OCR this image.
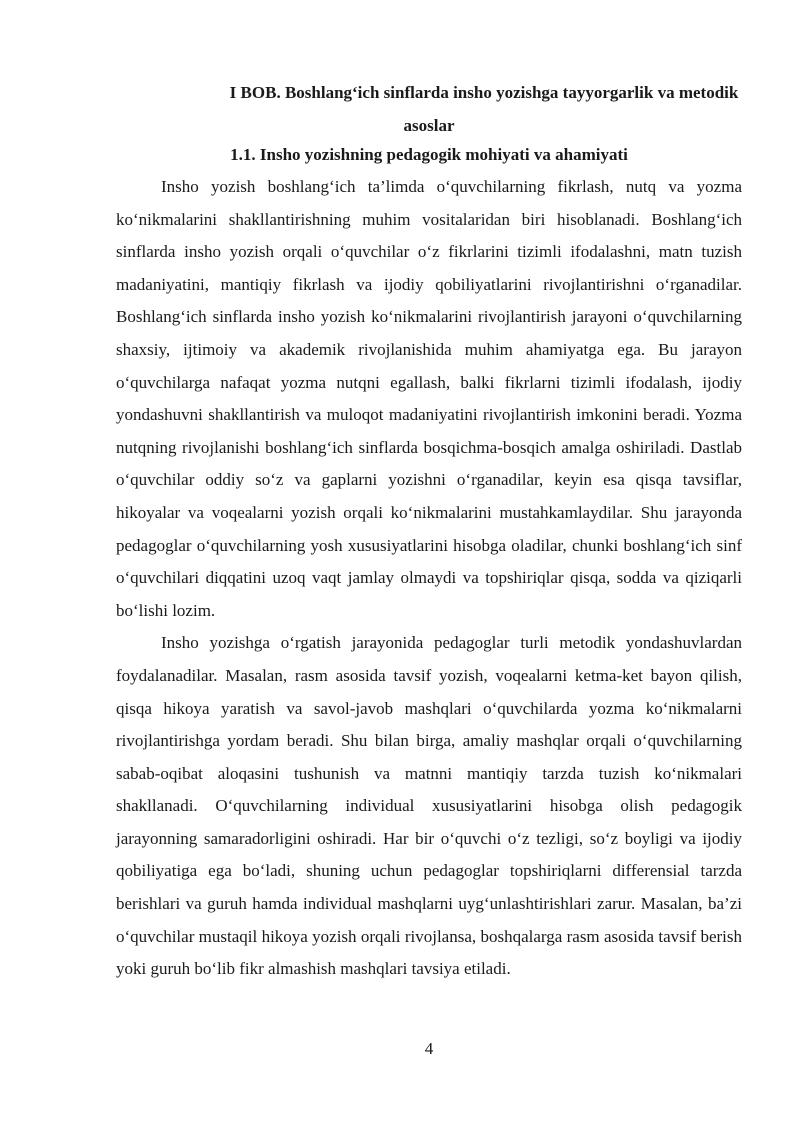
I BOB. Boshlang‘ich sinflarda insho yozishga tayyorgarlik va metodik
asoslar
1.1. Insho yozishning pedagogik mohiyati va ahamiyati

Insho yozish boshlang‘ich ta’limda o‘quvchilarning fikrlash, nutq va yozma ko‘nikmalarini shakllantirishning muhim vositalaridan biri hisoblanadi. Boshlang‘ich sinflarda insho yozish orqali o‘quvchilar o‘z fikrlarini tizimli ifodalashni, matn tuzish madaniyatini, mantiqiy fikrlash va ijodiy qobiliyatlarini rivojlantirishni o‘rganadilar. Boshlang‘ich sinflarda insho yozish ko‘nikmalarini rivojlantirish jarayoni o‘quvchilarning shaxsiy, ijtimoiy va akademik rivojlanishida muhim ahamiyatga ega. Bu jarayon o‘quvchilarga nafaqat yozma nutqni egallash, balki fikrlarni tizimli ifodalash, ijodiy yondashuvni shakllantirish va muloqot madaniyatini rivojlantirish imkonini beradi. Yozma nutqning rivojlanishi boshlang‘ich sinflarda bosqichma-bosqich amalga oshiriladi. Dastlab o‘quvchilar oddiy so‘z va gaplarni yozishni o‘rganadilar, keyin esa qisqa tavsiflar, hikoyalar va voqealarni yozish orqali ko‘nikmalarini mustahkamlaydilar. Shu jarayonda pedagoglar o‘quvchilarning yosh xususiyatlarini hisobga oladilar, chunki boshlang‘ich sinf o‘quvchilari diqqatini uzoq vaqt jamlay olmaydi va topshiriqlar qisqa, sodda va qiziqarli bo‘lishi lozim.

Insho yozishga o‘rgatish jarayonida pedagoglar turli metodik yondashuvlardan foydalanadilar. Masalan, rasm asosida tavsif yozish, voqealarni ketma-ket bayon qilish, qisqa hikoya yaratish va savol-javob mashqlari o‘quvchilarda yozma ko‘nikmalarni rivojlantirishga yordam beradi. Shu bilan birga, amaliy mashqlar orqali o‘quvchilarning sabab-oqibat aloqasini tushunish va matnni mantiqiy tarzda tuzish ko‘nikmalari shakllanadi. O‘quvchilarning individual xususiyatlarini hisobga olish pedagogik jarayonning samaradorligini oshiradi. Har bir o‘quvchi o‘z tezligi, so‘z boyligi va ijodiy qobiliyatiga ega bo‘ladi, shuning uchun pedagoglar topshiriqlarni differensial tarzda berishlari va guruh hamda individual mashqlarni uyg‘unlashtirishlari zarur. Masalan, ba’zi o‘quvchilar mustaqil hikoya yozish orqali rivojlansa, boshqalarga rasm asosida tavsif berish yoki guruh bo‘lib fikr almashish mashqlari tavsiya etiladi.

4
